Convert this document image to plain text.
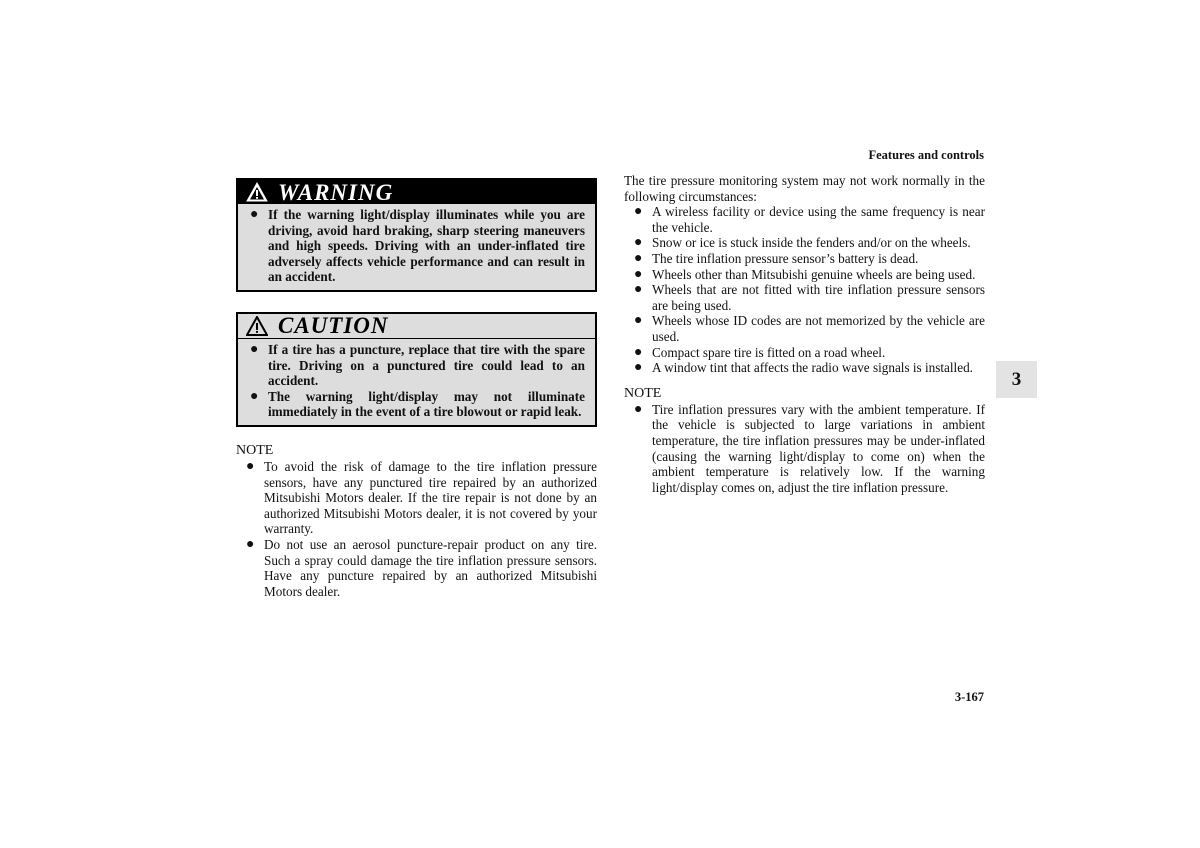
Features and controls
3
3-167
WARNING
● If the warning light/display illuminates while you are driving, avoid hard braking, sharp steering maneuvers and high speeds. Driving with an under-inflated tire adversely affects vehicle performance and can result in an accident.
CAUTION
● If a tire has a puncture, replace that tire with the spare tire. Driving on a punctured tire could lead to an accident.
● The warning light/display may not illuminate immediately in the event of a tire blowout or rapid leak.
NOTE
● To avoid the risk of damage to the tire inflation pressure sensors, have any punctured tire repaired by an authorized Mitsubishi Motors dealer. If the tire repair is not done by an authorized Mitsubishi Motors dealer, it is not covered by your warranty.
● Do not use an aerosol puncture-repair product on any tire. Such a spray could damage the tire inflation pressure sensors. Have any puncture repaired by an authorized Mitsubishi Motors dealer.
The tire pressure monitoring system may not work normally in the following circumstances:
● A wireless facility or device using the same frequency is near the vehicle.
● Snow or ice is stuck inside the fenders and/or on the wheels.
● The tire inflation pressure sensor’s battery is dead.
● Wheels other than Mitsubishi genuine wheels are being used.
● Wheels that are not fitted with tire inflation pressure sensors are being used.
● Wheels whose ID codes are not memorized by the vehicle are used.
● Compact spare tire is fitted on a road wheel.
● A window tint that affects the radio wave signals is installed.
NOTE
● Tire inflation pressures vary with the ambient temperature. If the vehicle is subjected to large variations in ambient temperature, the tire inflation pressures may be under-inflated (causing the warning light/display to come on) when the ambient temperature is relatively low. If the warning light/display comes on, adjust the tire inflation pressure.
